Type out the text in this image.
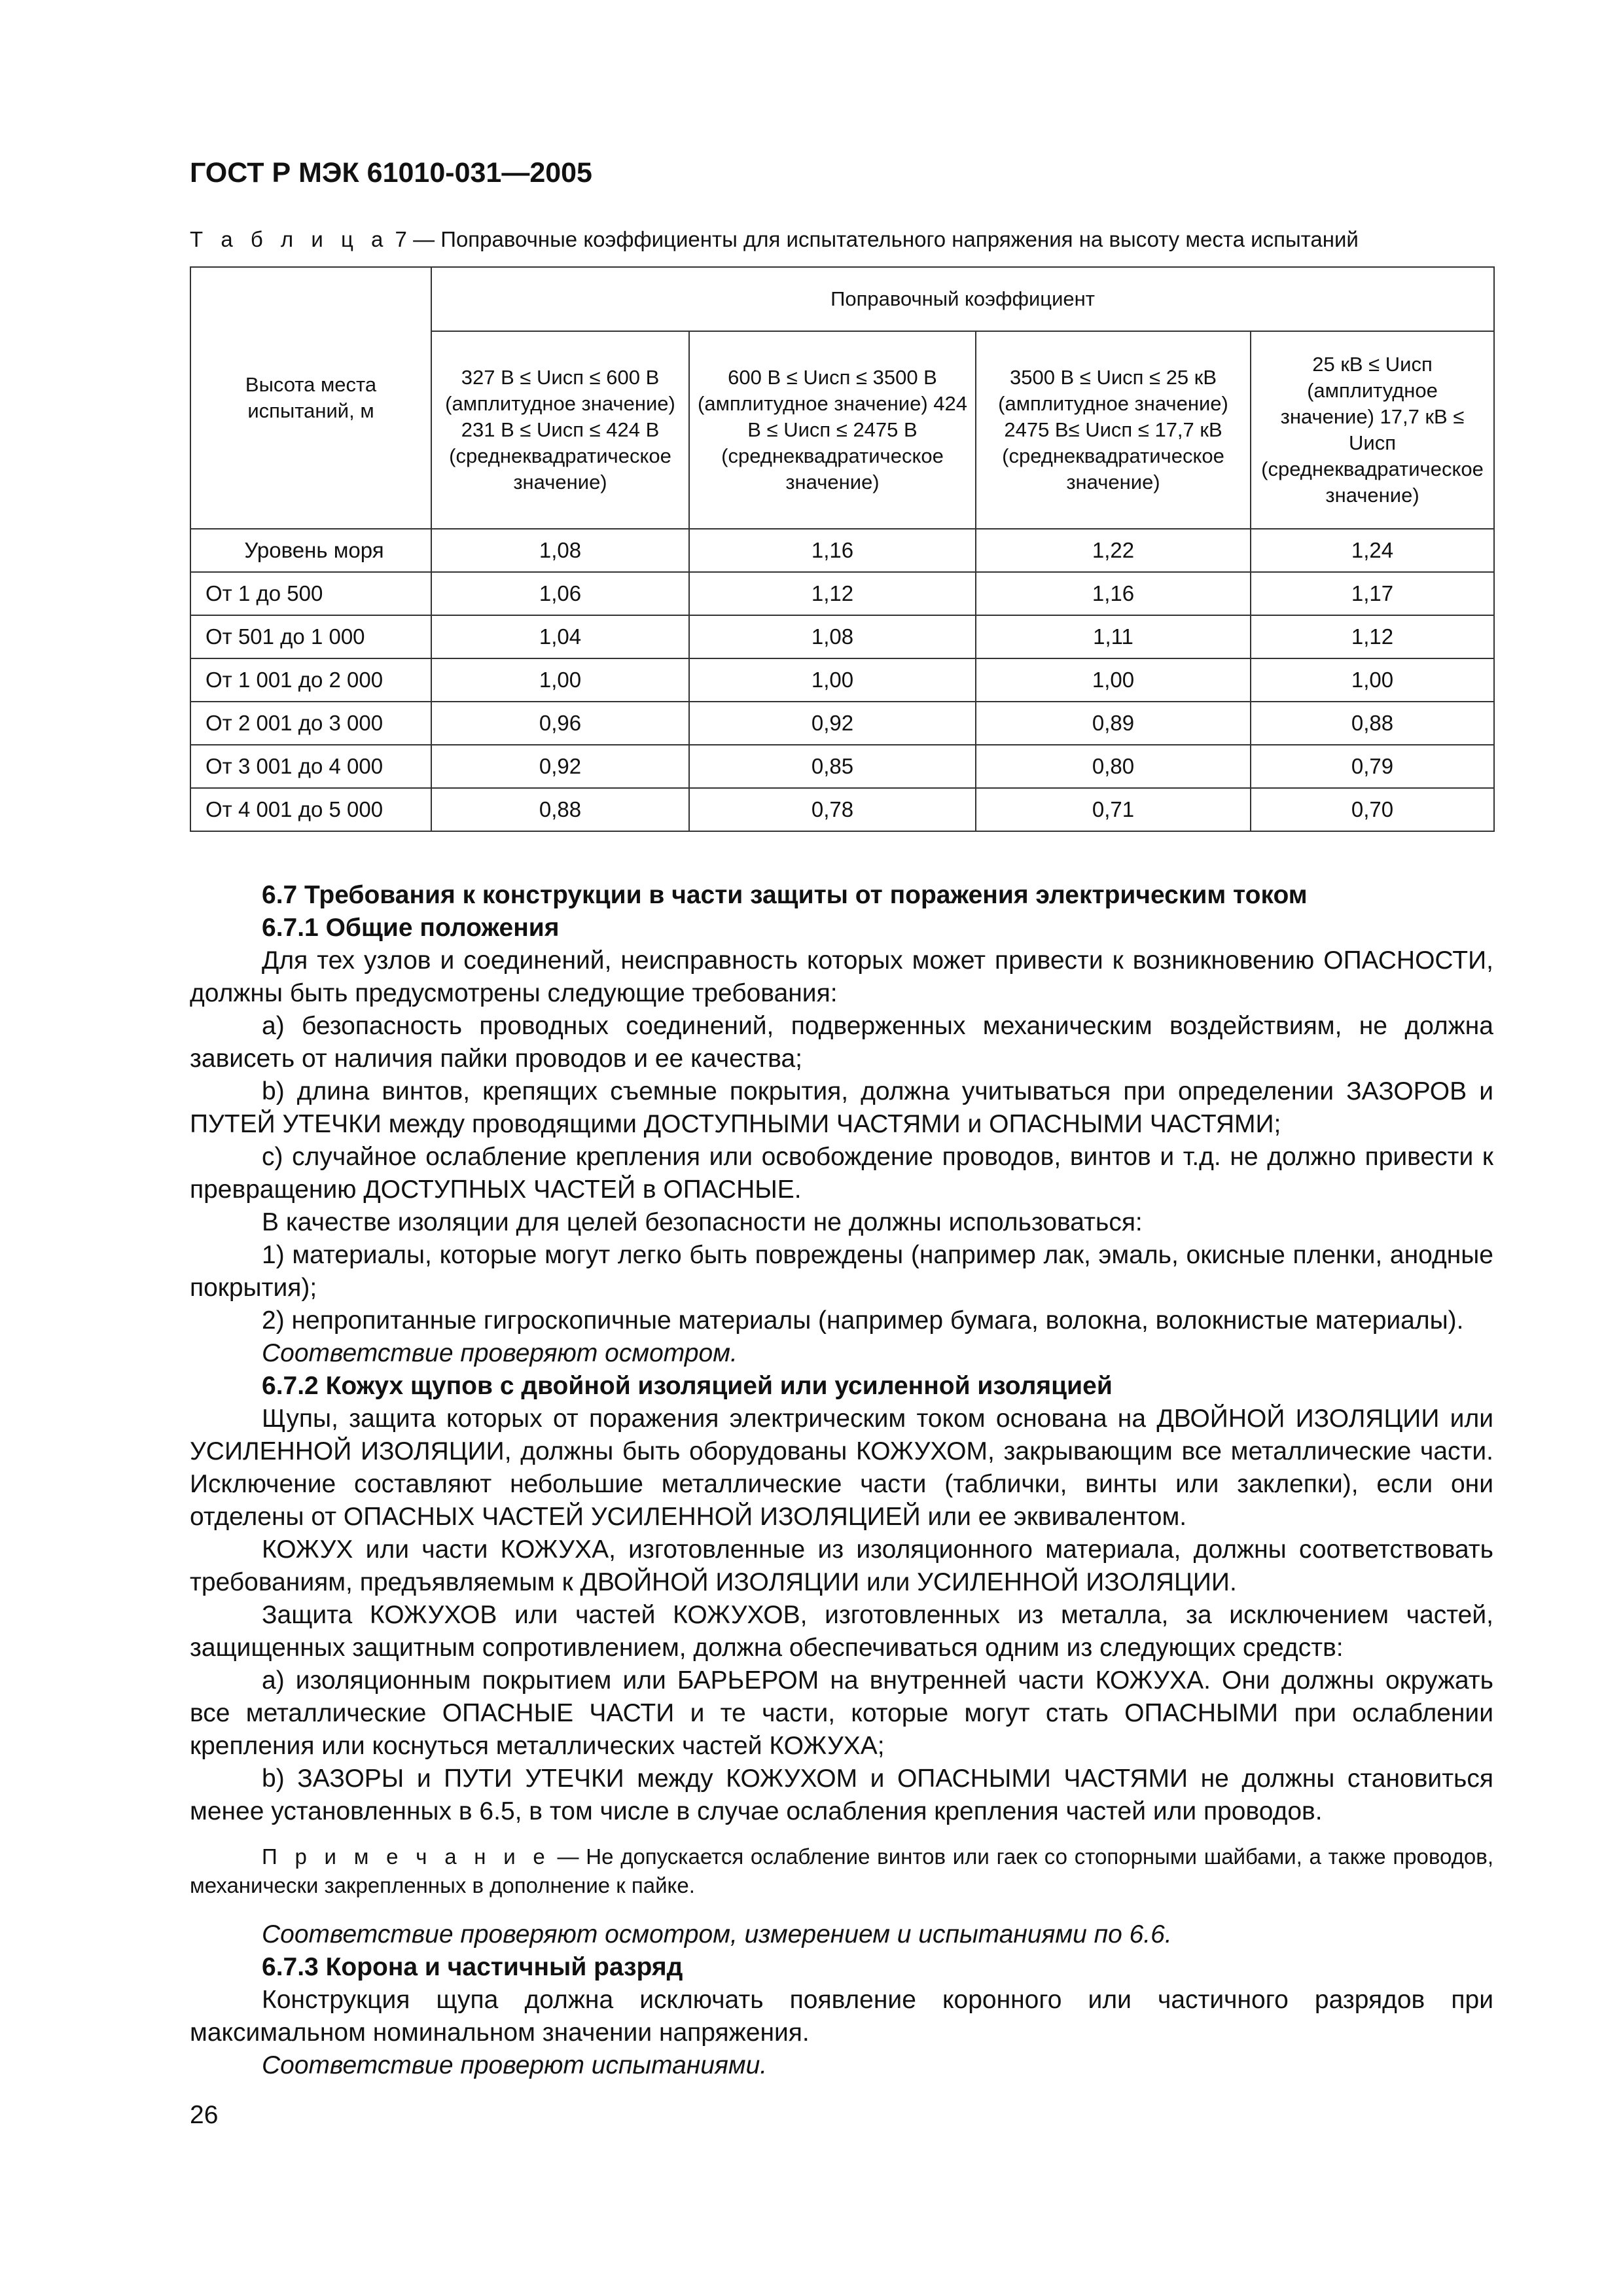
ГОСТ Р МЭК 61010-031—2005
Т а б л и ц а 7 — Поправочные коэффициенты для испытательного напряжения на высоту места испытаний
Высота места испытаний, м	Поправочный коэффициент			
	327 В ≤ Uисп ≤ 600 В (амплитудное значение) 231 В ≤ Uисп ≤ 424 В (среднеквадратическое значение)	600 В ≤ Uисп ≤ 3500 В (амплитудное значение) 424 В ≤ Uисп ≤ 2475 В (среднеквадратическое значение)	3500 В ≤ Uисп ≤ 25 кВ (амплитудное значение) 2475 В≤ Uисп ≤ 17,7 кВ (среднеквадратическое значение)	25 кВ ≤ Uисп (амплитудное значение) 17,7 кВ ≤ Uисп (среднеквадратическое значение)
Уровень моря	1,08	1,16	1,22	1,24
От 1 до 500	1,06	1,12	1,16	1,17
От 501 до 1 000	1,04	1,08	1,11	1,12
От 1 001 до 2 000	1,00	1,00	1,00	1,00
От 2 001 до 3 000	0,96	0,92	0,89	0,88
От 3 001 до 4 000	0,92	0,85	0,80	0,79
От 4 001 до 5 000	0,88	0,78	0,71	0,70

6.7 Требования к конструкции в части защиты от поражения электрическим током

6.7.1 Общие положения

Для тех узлов и соединений, неисправность которых может привести к возникновению ОПАСНОСТИ, должны быть предусмотрены следующие требования:

а) безопасность проводных соединений, подверженных механическим воздействиям, не должна зависеть от наличия пайки проводов и ее качества;

b) длина винтов, крепящих съемные покрытия, должна учитываться при определении ЗАЗОРОВ и ПУТЕЙ УТЕЧКИ между проводящими ДОСТУПНЫМИ ЧАСТЯМИ и ОПАСНЫМИ ЧАСТЯМИ;

с) случайное ослабление крепления или освобождение проводов, винтов и т.д. не должно привести к превращению ДОСТУПНЫХ ЧАСТЕЙ в ОПАСНЫЕ.

В качестве изоляции для целей безопасности не должны использоваться:

1) материалы, которые могут легко быть повреждены (например лак, эмаль, окисные пленки, анодные покрытия);

2) непропитанные гигроскопичные материалы (например бумага, волокна, волокнистые материалы).

Соответствие проверяют осмотром.

6.7.2 Кожух щупов с двойной изоляцией или усиленной изоляцией

Щупы, защита которых от поражения электрическим током основана на ДВОЙНОЙ ИЗОЛЯЦИИ или УСИЛЕННОЙ ИЗОЛЯЦИИ, должны быть оборудованы КОЖУХОМ, закрывающим все металлические части. Исключение составляют небольшие металлические части (таблички, винты или заклепки), если они отделены от ОПАСНЫХ ЧАСТЕЙ УСИЛЕННОЙ ИЗОЛЯЦИЕЙ или ее эквивалентом.

КОЖУХ или части КОЖУХА, изготовленные из изоляционного материала, должны соответствовать требованиям, предъявляемым к ДВОЙНОЙ ИЗОЛЯЦИИ или УСИЛЕННОЙ ИЗОЛЯЦИИ.

Защита КОЖУХОВ или частей КОЖУХОВ, изготовленных из металла, за исключением частей, защищенных защитным сопротивлением, должна обеспечиваться одним из следующих средств:

а) изоляционным покрытием или БАРЬЕРОМ на внутренней части КОЖУХА. Они должны окружать все металлические ОПАСНЫЕ ЧАСТИ и те части, которые могут стать ОПАСНЫМИ при ослаблении крепления или коснуться металлических частей КОЖУХА;

b) ЗАЗОРЫ и ПУТИ УТЕЧКИ между КОЖУХОМ и ОПАСНЫМИ ЧАСТЯМИ не должны становиться менее установленных в 6.5, в том числе в случае ослабления крепления частей или проводов.

П р и м е ч а н и е — Не допускается ослабление винтов или гаек со стопорными шайбами, а также проводов, механически закрепленных в дополнение к пайке.

Соответствие проверяют осмотром, измерением и испытаниями по 6.6.

6.7.3 Корона и частичный разряд

Конструкция щупа должна исключать появление коронного или частичного разрядов при максимальном номинальном значении напряжения.

Соответствие проверют испытаниями.

26
